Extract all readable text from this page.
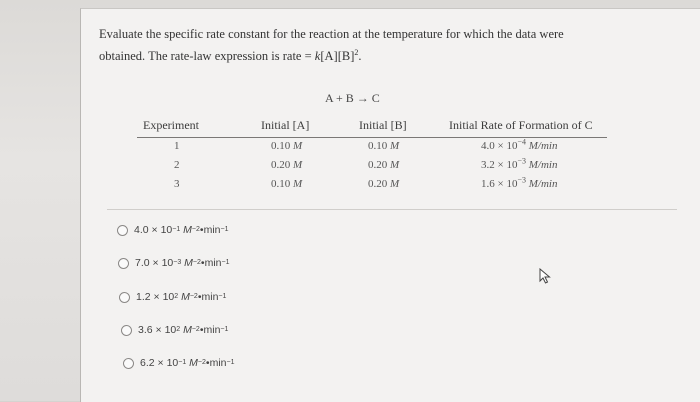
Evaluate the specific rate constant for the reaction at the temperature for which the data were
obtained. The rate-law expression is rate = $k[A][B]^2$.
A + B → C
Experiment	Initial [A]	Initial [B]	Initial Rate of Formation of C
1	0.10 M	0.10 M	$4.0 \times 10^{-4}$ M/min
2	0.20 M	0.20 M	$3.2 \times 10^{-3}$ M/min
3	0.10 M	0.20 M	$1.6 \times 10^{-3}$ M/min
4.0 × 10 −1
M −2 •min −1
7.0 × 10 −3
M −2 •min −1
1.2 × 10 2
M −2 •min −1
3.6 × 10 2
M −2 •min −1
6.2 × 10 −1
M −2 •min −1
